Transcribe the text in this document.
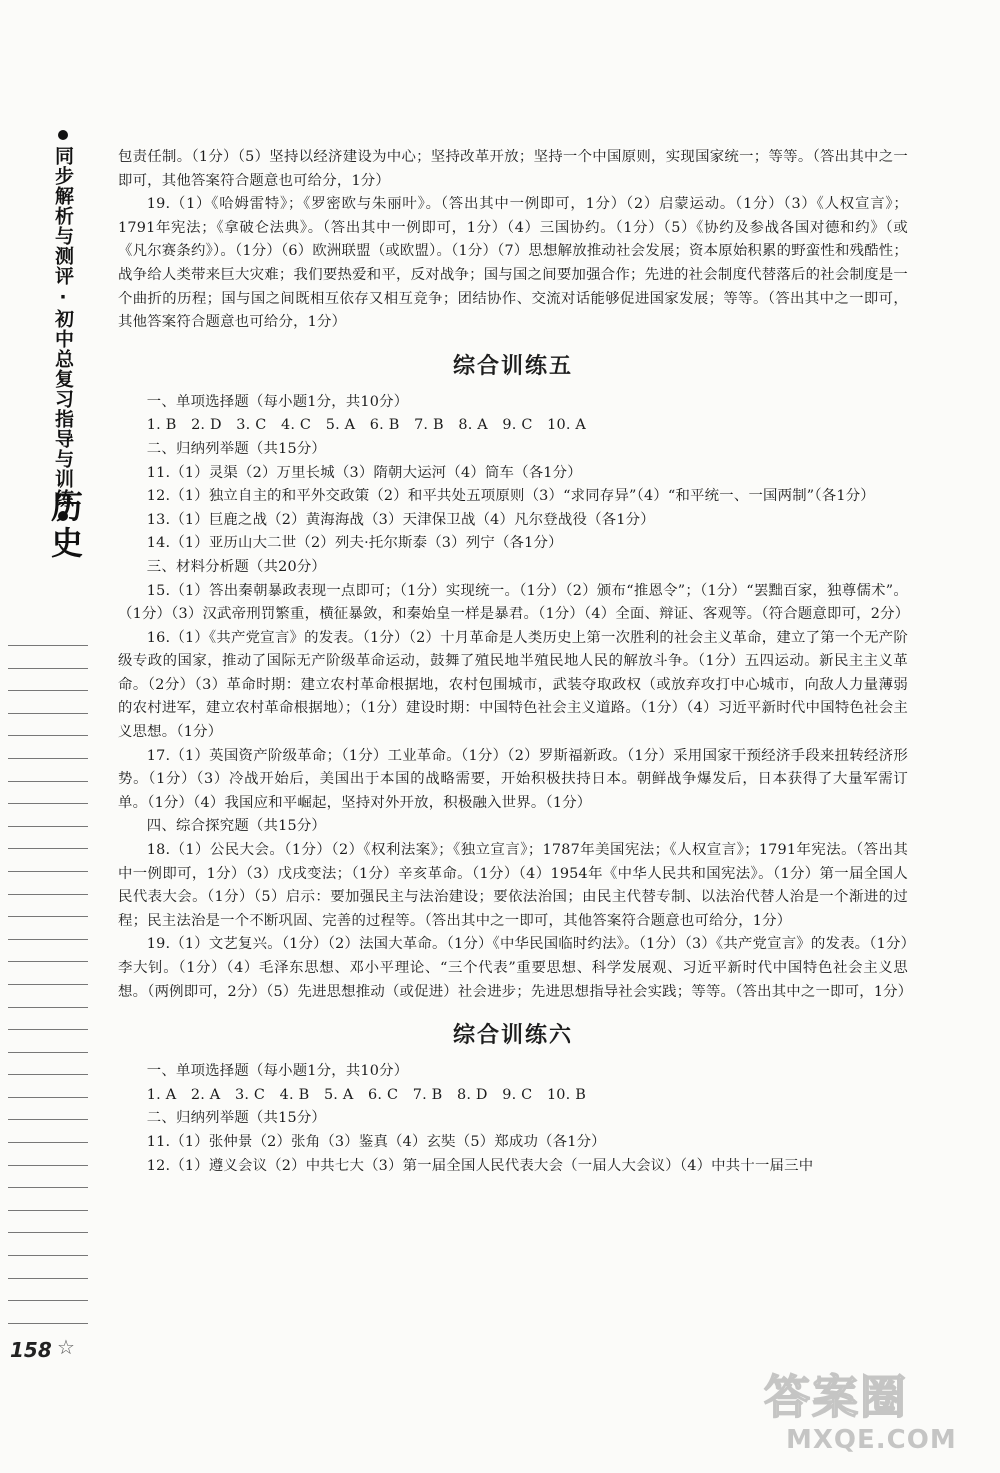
同步解析与测评·初中总复习指导与训练
历史

包责任制。（1分）（5）坚持以经济建设为中心；坚持改革开放；坚持一个中国原则，实现国家统一；等等。（答出其中之一即可，其他答案符合题意也可给分，1分）

19.（1）《哈姆雷特》；《罗密欧与朱丽叶》。（答出其中一例即可，1分）（2）启蒙运动。（1分）（3）《人权宣言》；1791年宪法；《拿破仑法典》。（答出其中一例即可，1分）（4）三国协约。（1分）（5）《协约及参战各国对德和约》（或《凡尔赛条约》）。（1分）（6）欧洲联盟（或欧盟）。（1分）（7）思想解放推动社会发展；资本原始积累的野蛮性和残酷性；战争给人类带来巨大灾难；我们要热爱和平，反对战争；国与国之间要加强合作；先进的社会制度代替落后的社会制度是一个曲折的历程；国与国之间既相互依存又相互竞争；团结协作、交流对话能够促进国家发展；等等。（答出其中之一即可，其他答案符合题意也可给分，1分）

综合训练五

一、单项选择题（每小题1分，共10分）

1. B　2. D　3. C　4. C　5. A　6. B　7. B　8. A　9. C　10. A

二、归纳列举题（共15分）

11.（1）灵渠（2）万里长城（3）隋朝大运河（4）筒车（各1分）

12.（1）独立自主的和平外交政策（2）和平共处五项原则（3）“求同存异”（4）“和平统一、一国两制”（各1分）

13.（1）巨鹿之战（2）黄海海战（3）天津保卫战（4）凡尔登战役（各1分）

14.（1）亚历山大二世（2）列夫·托尔斯泰（3）列宁（各1分）

三、材料分析题（共20分）

15.（1）答出秦朝暴政表现一点即可；（1分）实现统一。（1分）（2）颁布“推恩令”；（1分）“罢黜百家，独尊儒术”。（1分）（3）汉武帝刑罚繁重，横征暴敛，和秦始皇一样是暴君。（1分）（4）全面、辩证、客观等。（符合题意即可，2分）

16.（1）《共产党宣言》的发表。（1分）（2）十月革命是人类历史上第一次胜利的社会主义革命，建立了第一个无产阶级专政的国家，推动了国际无产阶级革命运动，鼓舞了殖民地半殖民地人民的解放斗争。（1分）五四运动。新民主主义革命。（2分）（3）革命时期：建立农村革命根据地，农村包围城市，武装夺取政权（或放弃攻打中心城市，向敌人力量薄弱的农村进军，建立农村革命根据地）；（1分）建设时期：中国特色社会主义道路。（1分）（4）习近平新时代中国特色社会主义思想。（1分）

17.（1）英国资产阶级革命；（1分）工业革命。（1分）（2）罗斯福新政。（1分）采用国家干预经济手段来扭转经济形势。（1分）（3）冷战开始后，美国出于本国的战略需要，开始积极扶持日本。朝鲜战争爆发后，日本获得了大量军需订单。（1分）（4）我国应和平崛起，坚持对外开放，积极融入世界。（1分）

四、综合探究题（共15分）

18.（1）公民大会。（1分）（2）《权利法案》；《独立宣言》；1787年美国宪法；《人权宣言》；1791年宪法。（答出其中一例即可，1分）（3）戊戌变法；（1分）辛亥革命。（1分）（4）1954年《中华人民共和国宪法》。（1分）第一届全国人民代表大会。（1分）（5）启示：要加强民主与法治建设；要依法治国；由民主代替专制、以法治代替人治是一个渐进的过程；民主法治是一个不断巩固、完善的过程等。（答出其中之一即可，其他答案符合题意也可给分，1分）

19.（1）文艺复兴。（1分）（2）法国大革命。（1分）《中华民国临时约法》。（1分）（3）《共产党宣言》的发表。（1分）李大钊。（1分）（4）毛泽东思想、邓小平理论、“三个代表”重要思想、科学发展观、习近平新时代中国特色社会主义思想。（两例即可，2分）（5）先进思想推动（或促进）社会进步；先进思想指导社会实践；等等。（答出其中之一即可，1分）

综合训练六

一、单项选择题（每小题1分，共10分）

1. A　2. A　3. C　4. B　5. A　6. C　7. B　8. D　9. C　10. B

二、归纳列举题（共15分）

11.（1）张仲景（2）张角（3）鉴真（4）玄奘（5）郑成功（各1分）

12.（1）遵义会议（2）中共七大（3）第一届全国人民代表大会（一届人大会议）（4）中共十一届三中

158 ☆
答案圈
MXQE.COM
